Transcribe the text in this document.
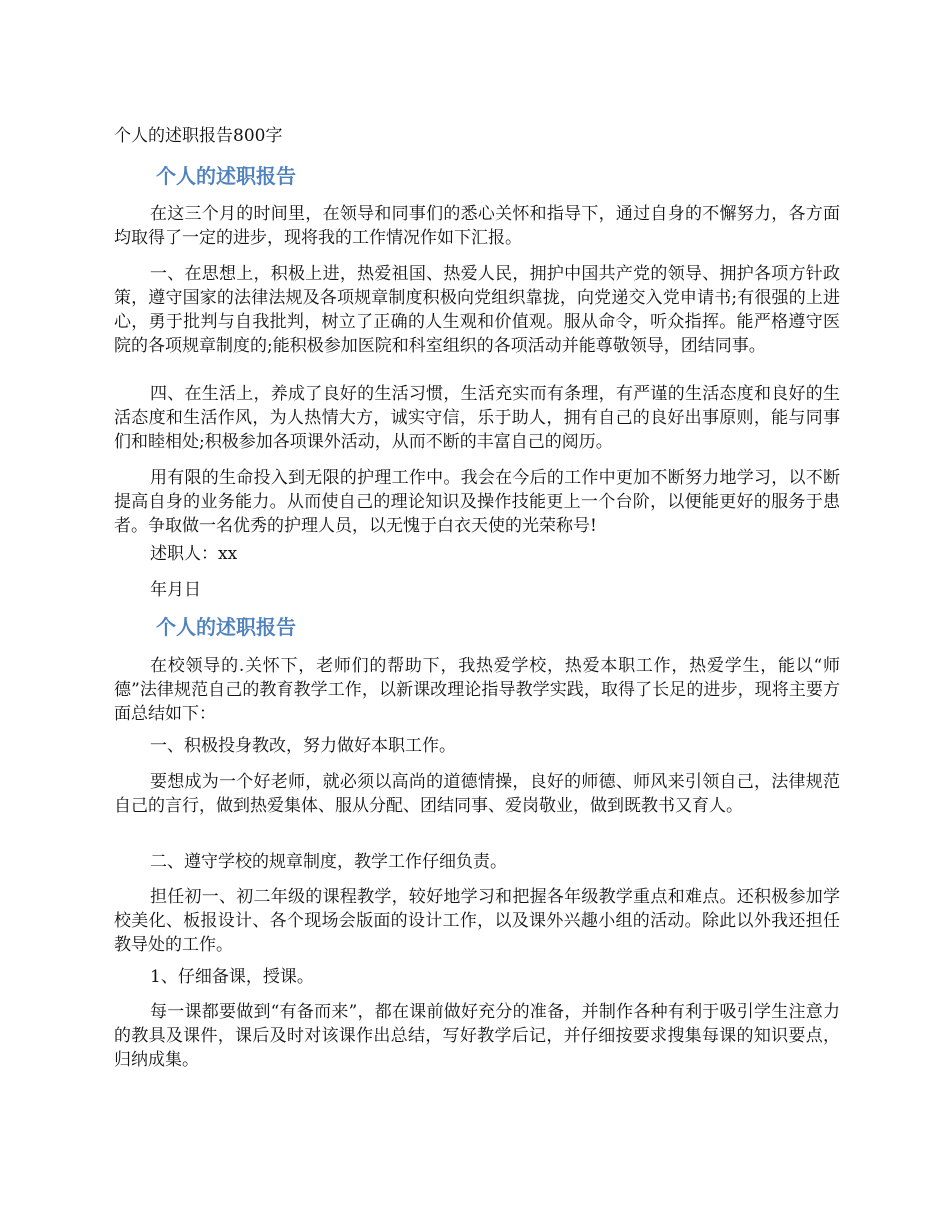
个人的述职报告800字

个人的述职报告

在这三个月的时间里，在领导和同事们的悉心关怀和指导下，通过自身的不懈努力，各方面均取得了一定的进步，现将我的工作情况作如下汇报。

一、在思想上，积极上进，热爱祖国、热爱人民，拥护中国共产党的领导、拥护各项方针政策，遵守国家的法律法规及各项规章制度积极向党组织靠拢，向党递交入党申请书;有很强的上进心，勇于批判与自我批判，树立了正确的人生观和价值观。服从命令，听众指挥。能严格遵守医院的各项规章制度的;能积极参加医院和科室组织的各项活动并能尊敬领导，团结同事。

四、在生活上，养成了良好的生活习惯，生活充实而有条理，有严谨的生活态度和良好的生活态度和生活作风，为人热情大方，诚实守信，乐于助人，拥有自己的良好出事原则，能与同事们和睦相处;积极参加各项课外活动，从而不断的丰富自己的阅历。

用有限的生命投入到无限的护理工作中。我会在今后的工作中更加不断努力地学习，以不断提高自身的业务能力。从而使自己的理论知识及操作技能更上一个台阶，以便能更好的服务于患者。争取做一名优秀的护理人员，以无愧于白衣天使的光荣称号!

述职人：xx

年月日

个人的述职报告

在校领导的.关怀下，老师们的帮助下，我热爱学校，热爱本职工作，热爱学生，能以“师德”法律规范自己的教育教学工作，以新课改理论指导教学实践，取得了长足的进步，现将主要方面总结如下：

一、积极投身教改，努力做好本职工作。

要想成为一个好老师，就必须以高尚的道德情操，良好的师德、师风来引领自己，法律规范自己的言行，做到热爱集体、服从分配、团结同事、爱岗敬业，做到既教书又育人。

二、遵守学校的规章制度，教学工作仔细负责。

担任初一、初二年级的课程教学，较好地学习和把握各年级教学重点和难点。还积极参加学校美化、板报设计、各个现场会版面的设计工作，以及课外兴趣小组的活动。除此以外我还担任教导处的工作。

1、仔细备课，授课。

每一课都要做到“有备而来”，都在课前做好充分的准备，并制作各种有利于吸引学生注意力的教具及课件，课后及时对该课作出总结，写好教学后记，并仔细按要求搜集每课的知识要点，归纳成集。
